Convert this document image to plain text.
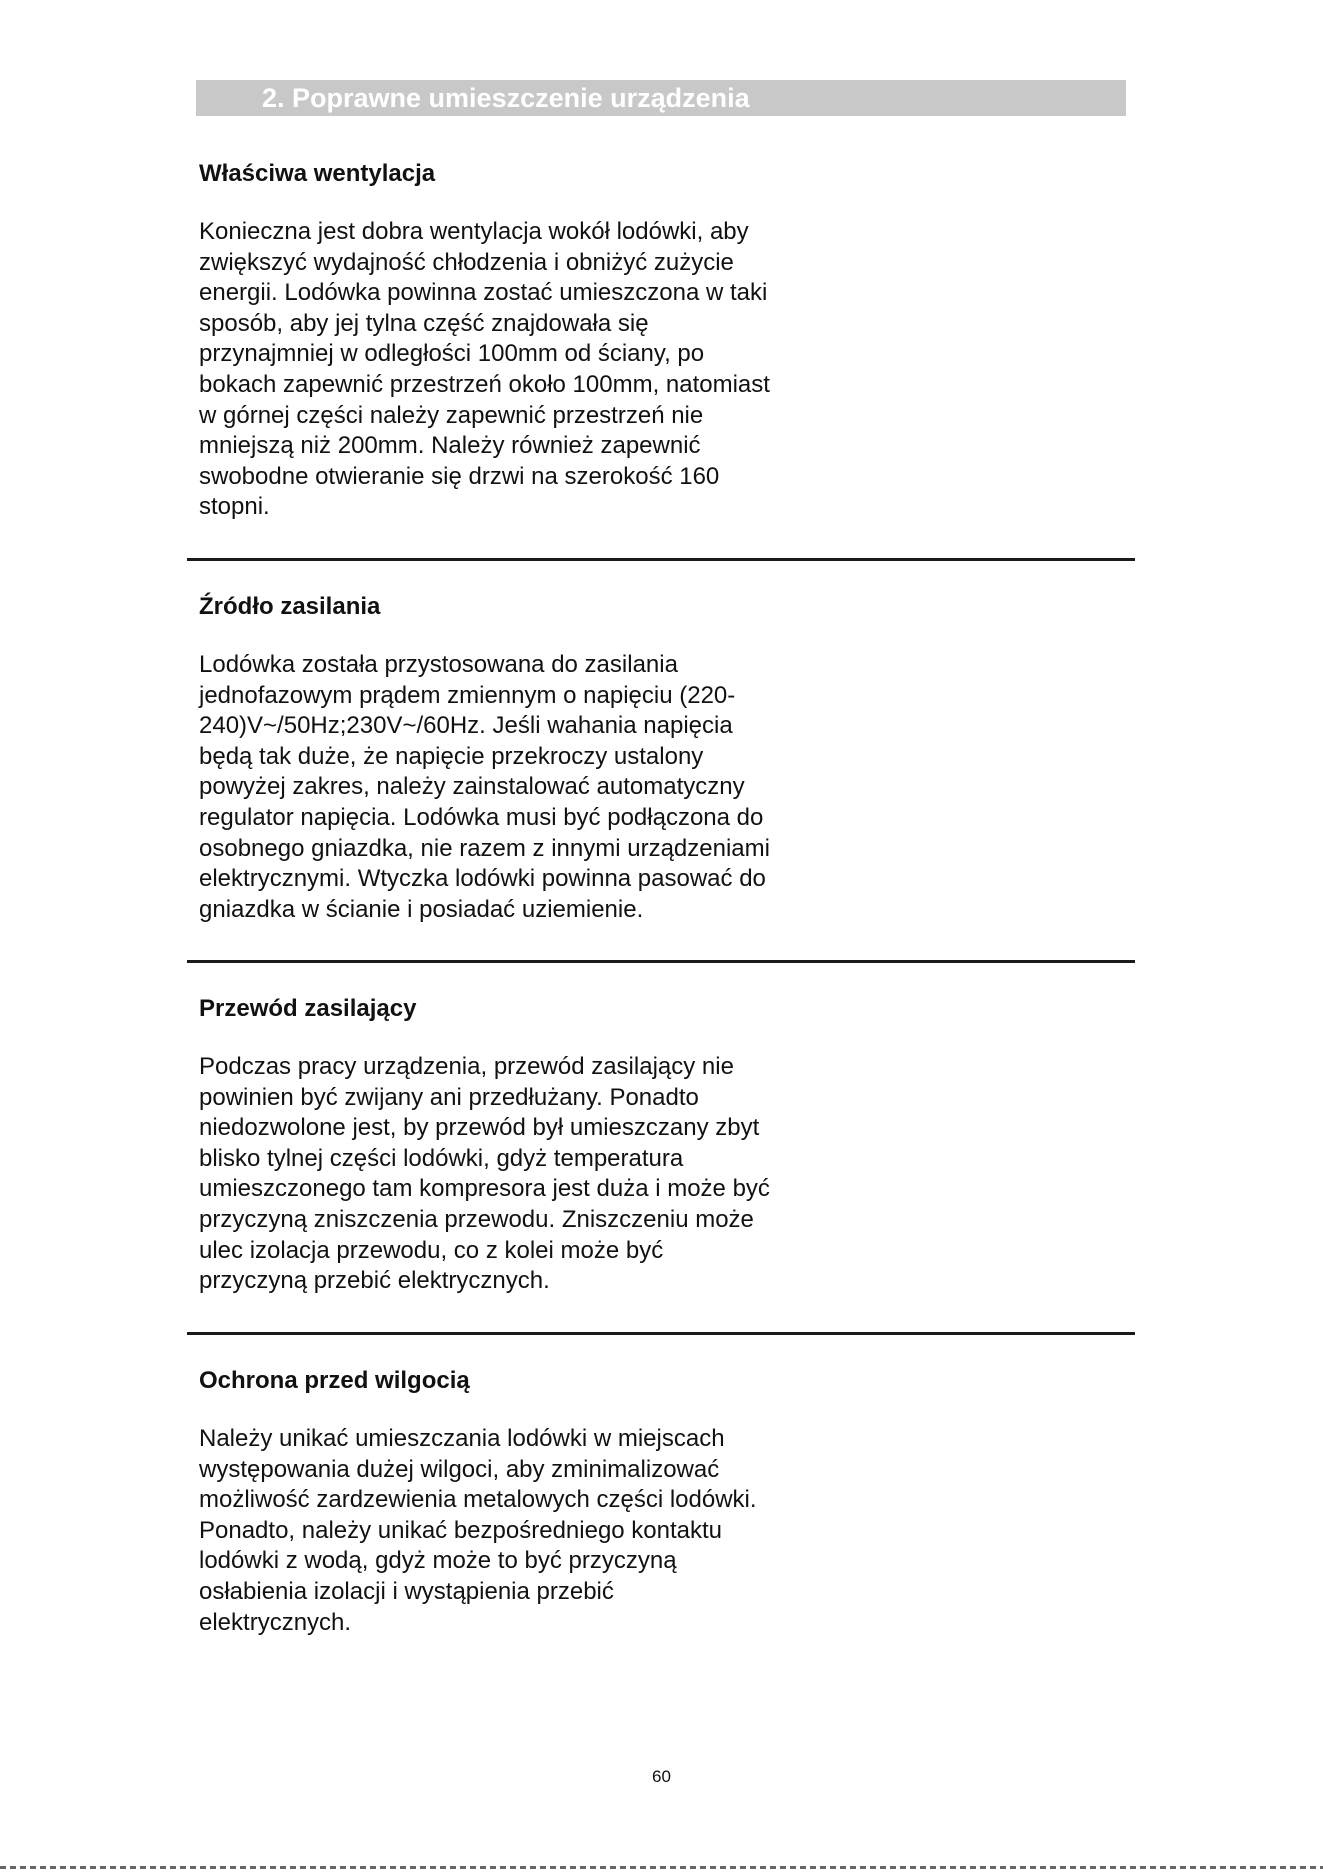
2. Poprawne umieszczenie urządzenia
Właściwa wentylacja
Konieczna jest dobra wentylacja wokół lodówki, aby
zwiększyć wydajność chłodzenia i obniżyć zużycie
energii. Lodówka powinna zostać umieszczona w taki
sposób, aby jej tylna część znajdowała się
przynajmniej w odległości 100mm od ściany, po
bokach zapewnić przestrzeń około 100mm, natomiast
w górnej części należy zapewnić przestrzeń nie
mniejszą niż 200mm. Należy również zapewnić
swobodne otwieranie się drzwi na szerokość 160
stopni.
Źródło zasilania
Lodówka została przystosowana do zasilania
jednofazowym prądem zmiennym o napięciu (220-
240)V~/50Hz;230V~/60Hz. Jeśli wahania napięcia
będą tak duże, że napięcie przekroczy ustalony
powyżej zakres, należy zainstalować automatyczny
regulator napięcia. Lodówka musi być podłączona do
osobnego gniazdka, nie razem z innymi urządzeniami
elektrycznymi. Wtyczka lodówki powinna pasować do
gniazdka w ścianie i posiadać uziemienie.
Przewód zasilający
Podczas pracy urządzenia, przewód zasilający nie
powinien być zwijany ani przedłużany. Ponadto
niedozwolone jest, by przewód był umieszczany zbyt
blisko tylnej części lodówki, gdyż temperatura
umieszczonego tam kompresora jest duża i może być
przyczyną zniszczenia przewodu. Zniszczeniu może
ulec izolacja przewodu, co z kolei może być
przyczyną przebić elektrycznych.
Ochrona przed wilgocią
Należy unikać umieszczania lodówki w miejscach
występowania dużej wilgoci, aby zminimalizować
możliwość zardzewienia metalowych części lodówki.
Ponadto, należy unikać bezpośredniego kontaktu
lodówki z wodą, gdyż może to być przyczyną
osłabienia izolacji i wystąpienia przebić
elektrycznych.
60
